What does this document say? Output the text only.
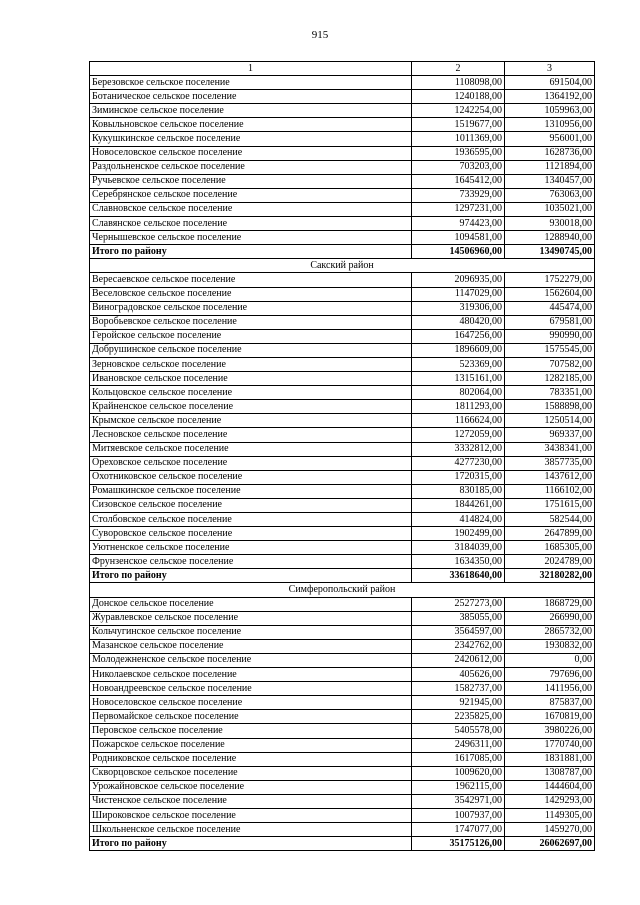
915
1	2	3
Березовское сельское поселение	1108098,00	691504,00
Ботаническое сельское поселение	1240188,00	1364192,00
Зиминское сельское поселение	1242254,00	1059963,00
Ковыльновское сельское поселение	1519677,00	1310956,00
Кукушкинское сельское поселение	1011369,00	956001,00
Новоселовское сельское поселение	1936595,00	1628736,00
Раздольненское сельское поселение	703203,00	1121894,00
Ручьевское сельское поселение	1645412,00	1340457,00
Серебрянское сельское поселение	733929,00	763063,00
Славновское сельское поселение	1297231,00	1035021,00
Славянское сельское поселение	974423,00	930018,00
Чернышевское сельское поселение	1094581,00	1288940,00
Итого по району	14506960,00	13490745,00
Сакский район		
Вересаевское сельское поселение	2096935,00	1752279,00
Веселовское сельское поселение	1147029,00	1562604,00
Виноградовское сельское поселение	319306,00	445474,00
Воробьевское сельское поселение	480420,00	679581,00
Геройское сельское поселение	1647256,00	990990,00
Добрушинское сельское поселение	1896609,00	1575545,00
Зерновское сельское поселение	523369,00	707582,00
Ивановское сельское поселение	1315161,00	1282185,00
Кольцовское сельское поселение	802064,00	783351,00
Крайненское сельское поселение	1811293,00	1588898,00
Крымское сельское поселение	1166624,00	1250514,00
Лесновское сельское поселение	1272059,00	969337,00
Митяевское сельское поселение	3332812,00	3438341,00
Ореховское сельское поселение	4277230,00	3857735,00
Охотниковское сельское поселение	1720315,00	1437612,00
Ромашкинское сельское поселение	830185,00	1166102,00
Сизовское сельское поселение	1844261,00	1751615,00
Столбовское сельское поселение	414824,00	582544,00
Суворовское сельское поселение	1902499,00	2647899,00
Уютненское сельское поселение	3184039,00	1685305,00
Фрунзенское сельское поселение	1634350,00	2024789,00
Итого по району	33618640,00	32180282,00
Симферопольский район		
Донское сельское поселение	2527273,00	1868729,00
Журавлевское сельское поселение	385055,00	266990,00
Кольчугинское сельское поселение	3564597,00	2865732,00
Мазанское сельское поселение	2342762,00	1930832,00
Молодежненское сельское поселение	2420612,00	0,00
Николаевское сельское поселение	405626,00	797696,00
Новоандреевское сельское поселение	1582737,00	1411956,00
Новоселовское сельское поселение	921945,00	875837,00
Первомайское сельское поселение	2235825,00	1670819,00
Перовское сельское поселение	5405578,00	3980226,00
Пожарское сельское поселение	2496311,00	1770740,00
Родниковское сельское поселение	1617085,00	1831881,00
Скворцовское сельское поселение	1009620,00	1308787,00
Урожайновское сельское поселение	1962115,00	1444604,00
Чистенское сельское поселение	3542971,00	1429293,00
Широковское сельское поселение	1007937,00	1149305,00
Школьненское сельское поселение	1747077,00	1459270,00
Итого по району	35175126,00	26062697,00
